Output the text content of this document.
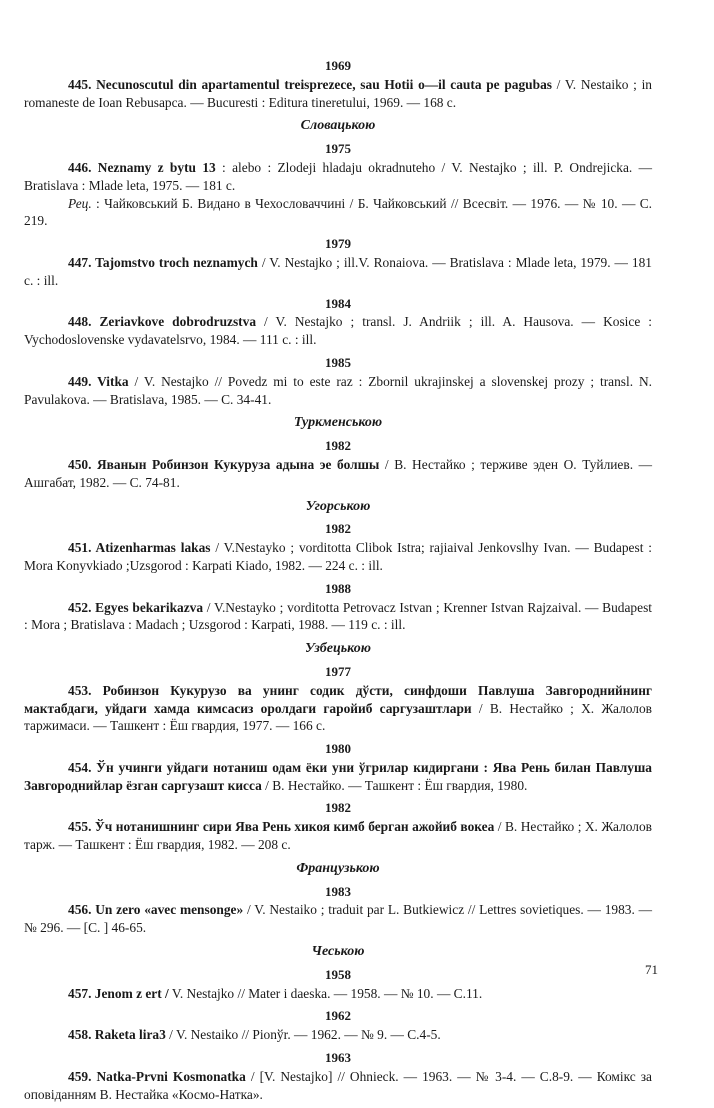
1969

445. Necunoscutul din apartamentul treisprezece, sau Hotii o—il cauta pe pagubas / V. Nestaiko ; in romaneste de Ioan Rebusapca. — Bucuresti : Editura tineretului, 1969. — 168 c.

Словацькою
1975

446. Neznamy z bytu 13 : alebo : Zlodeji hladaju okradnuteho / V. Nestajko ; ill. P. Ondrejicka. — Bratislava : Mlade leta, 1975. — 181 c.

Рец. : Чайковський Б. Видано в Чехословаччині / Б. Чайковський // Всесвіт. — 1976. — № 10. — С. 219.

1979

447. Tajomstvo troch neznamych / V. Nestajko ; ill.V. Ronaiova. — Bratislava : Mlade leta, 1979. — 181 c. : ill.

1984

448. Zeriavkove dobrodruzstva / V. Nestajko ; transl. J. Andriik ; ill. A. Hausova. — Kosice : Vychodoslovenske vydavatelsrvo, 1984. — 111 c. : ill.

1985

449. Vitka / V. Nestajko // Povedz mi to este raz : Zbornil ukrajinskej a slovenskej prozy ; transl. N. Pavulakova. — Bratislava, 1985. — C. 34-41.

Туркменською
1982

450. Яванын Робинзон Кукуруза адына эе болшы / В. Нестайко ; терживе эден О. Туйлиев. — Ашгабат, 1982. — С. 74-81.

Угорською
1982

451. Atizenharmas lakas / V.Nestayko ; vorditotta Clibok Istra; rajiaival Jenkovslhy Ivan. — Budapest : Mora Konyvkiado ;Uzsgorod : Karpati Kiado, 1982. — 224 c. : ill.

1988

452. Egyes bekarikazva / V.Nestayko ; vorditotta Petrovacz Istvan ; Krenner Istvan Rajzaival. — Budapest : Mora ; Bratislava : Madach ; Uzsgorod : Karpati, 1988. — 119 c. : ill.

Узбецькою
1977

453. Робинзон Кукурузо ва унинг содик дўсти, синфдоши Павлуша Завгороднийнинг мактабдаги, уйдаги хамда кимсасиз оролдаги гаройиб саргузаштлари / В. Нестайко ; Х. Жалолов таржимаси. — Ташкент : Ёш гвардия, 1977. — 166 с.

1980

454. Ўн учинги уйдаги нотаниш одам ёки уни ўгрилар кидиргани : Ява Рень билан Павлуша Завгороднийлар ёзган саргузашт кисса / В. Нестайко. — Ташкент : Ёш гвардия, 1980.

1982

455. Ўч нотанишнинг сири Ява Рень хикоя кимб берган ажойиб вокеа / В. Нестайко ; Х. Жалолов тарж. — Ташкент : Ёш гвардия, 1982. — 208 с.

Французькою
1983

456. Un zero «avec mensonge» / V. Nestaiko ; traduit par L. Butkiewicz // Lettres sovietiques. — 1983. — № 296. — [С. ] 46-65.

Чеською
1958

457. Jenom z ert / V. Nestajko // Mater i daeska. — 1958. — № 10. — С.11.

1962

458. Raketa lira3 / V. Nestaiko // Pionўr. — 1962. — № 9. — С.4-5.

1963

459. Natka-Prvni Kosmonatka / [V. Nestajko] // Ohnieck. — 1963. — № 3-4. — С.8-9. — Комікс за оповіданням В. Нестайка «Космо-Натка».

71
